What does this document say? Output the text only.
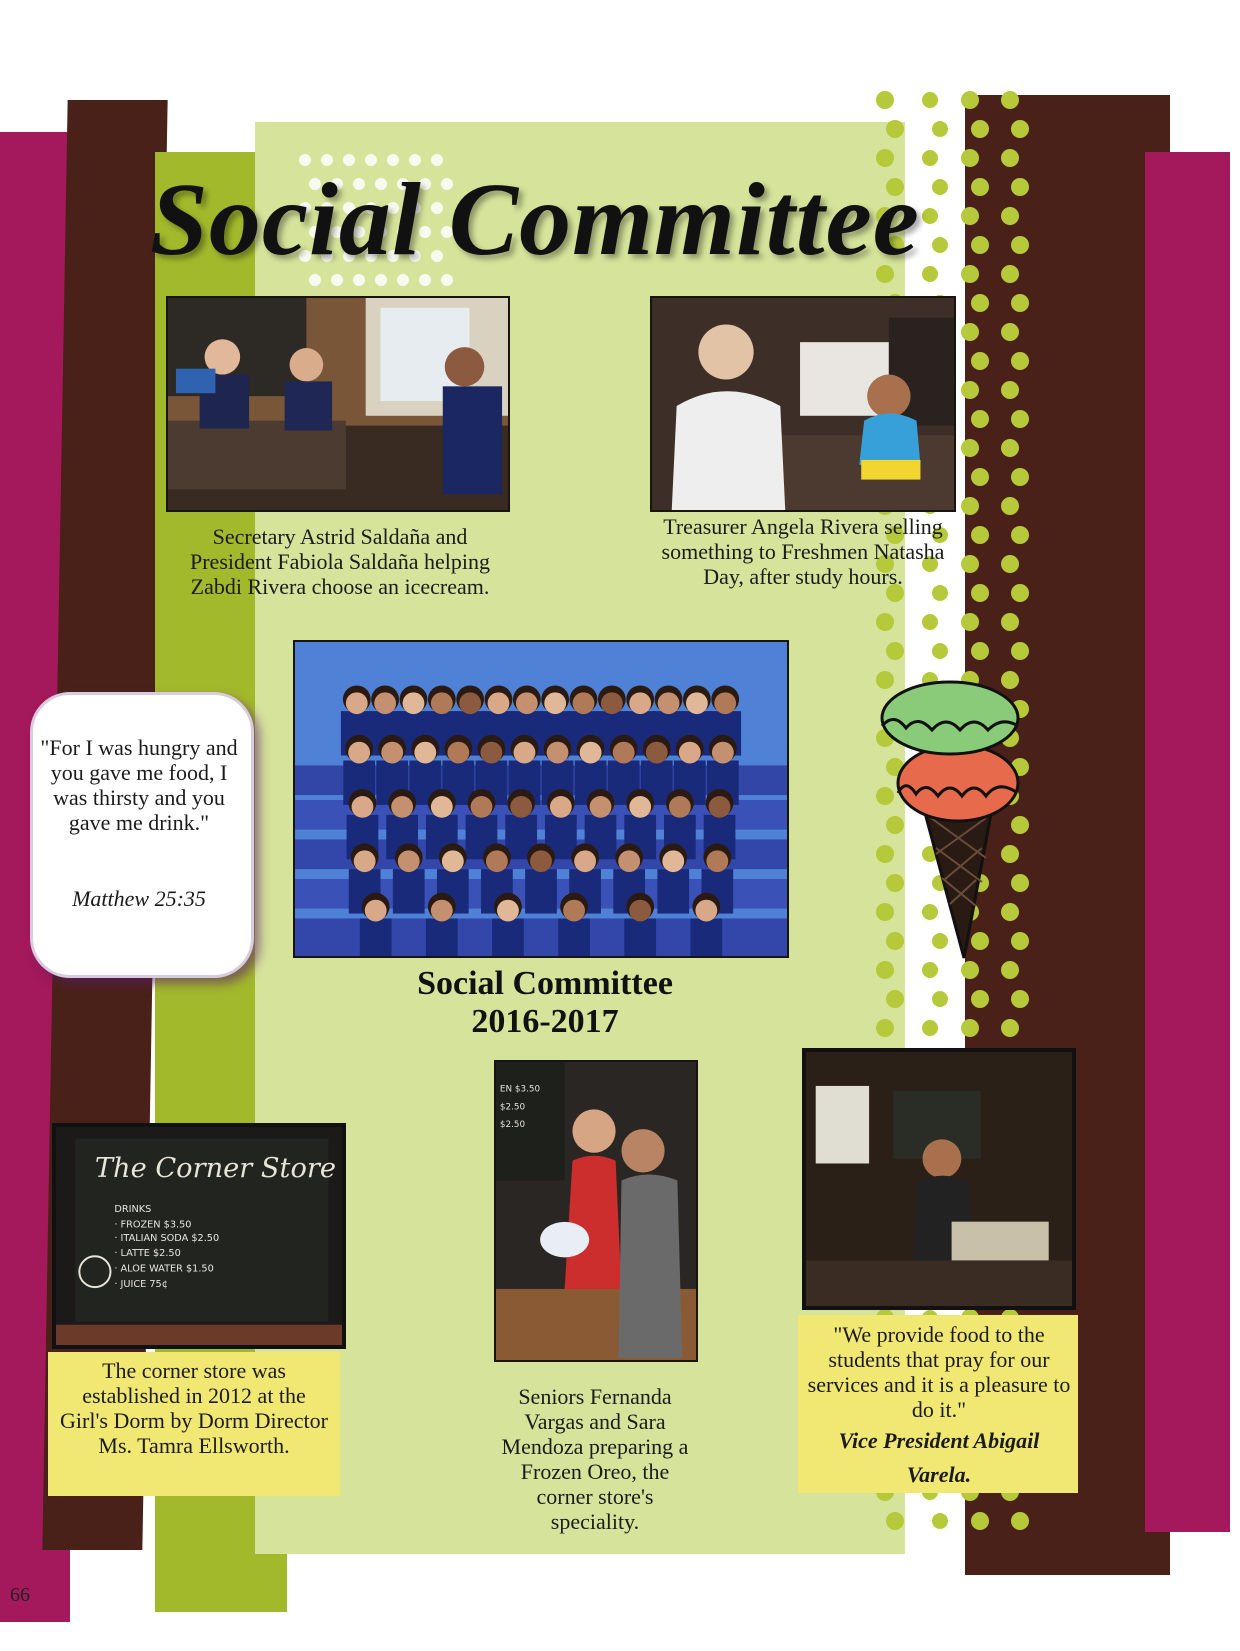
Social Committee
Secretary Astrid Saldaña and President Fabiola Saldaña helping Zabdi Rivera choose an icecream.
Treasurer Angela Rivera selling something to Freshmen Natasha Day, after study hours.
"For I was hungry and you gave me food, I was thirsty and you gave me drink."
Matthew 25:35
Social Committee
2016-2017
The Corner Store
DRINKS
· FROZEN $3.50
· ITALIAN SODA $2.50
· LATTE $2.50
· ALOE WATER $1.50
· JUICE 75¢
The corner store was established in 2012 at the Girl's Dorm by Dorm Director Ms. Tamra Ellsworth.
EN $3.50
$2.50
$2.50
Seniors Fernanda Vargas and Sara Mendoza preparing a Frozen Oreo, the corner store's speciality.
"We provide food to the students that pray for our services and it is a pleasure to do it."
Vice President Abigail Varela.
66
